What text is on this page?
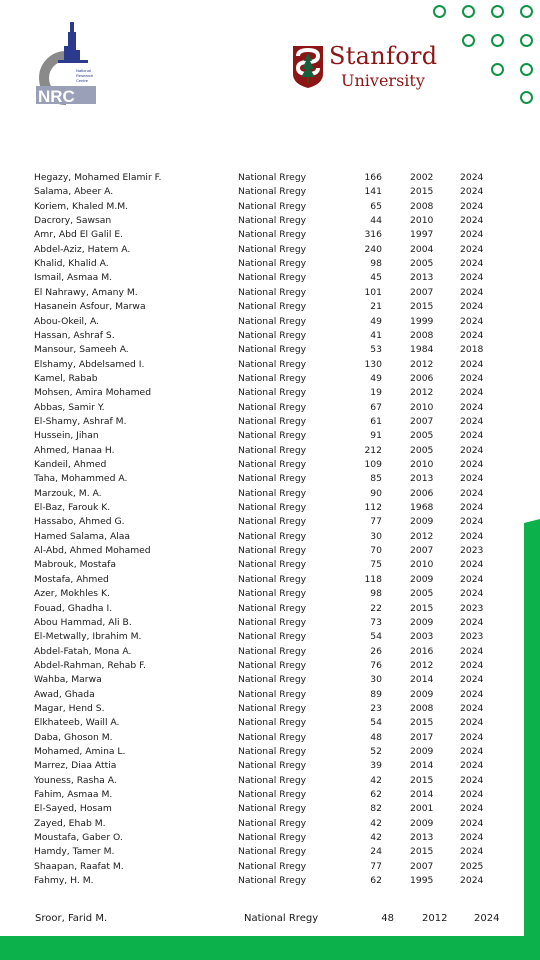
National
Research
Centre
NRC
Stanford
University
Hegazy, Mohamed Elamir F.	National Rregy	166	2002	2024
Salama, Abeer A.	National Rregy	141	2015	2024
Koriem, Khaled M.M.	National Rregy	65	2008	2024
Dacrory, Sawsan	National Rregy	44	2010	2024
Amr, Abd El Galil E.	National Rregy	316	1997	2024
Abdel-Aziz, Hatem A.	National Rregy	240	2004	2024
Khalid, Khalid A.	National Rregy	98	2005	2024
Ismail, Asmaa M.	National Rregy	45	2013	2024
El Nahrawy, Amany M.	National Rregy	101	2007	2024
Hasanein Asfour, Marwa	National Rregy	21	2015	2024
Abou-Okeil, A.	National Rregy	49	1999	2024
Hassan, Ashraf S.	National Rregy	41	2008	2024
Mansour, Sameeh A.	National Rregy	53	1984	2018
Elshamy, Abdelsamed I.	National Rregy	130	2012	2024
Kamel, Rabab	National Rregy	49	2006	2024
Mohsen, Amira Mohamed	National Rregy	19	2012	2024
Abbas, Samir Y.	National Rregy	67	2010	2024
El-Shamy, Ashraf M.	National Rregy	61	2007	2024
Hussein, Jihan	National Rregy	91	2005	2024
Ahmed, Hanaa H.	National Rregy	212	2005	2024
Kandeil, Ahmed	National Rregy	109	2010	2024
Taha, Mohammed A.	National Rregy	85	2013	2024
Marzouk, M. A.	National Rregy	90	2006	2024
El-Baz, Farouk K.	National Rregy	112	1968	2024
Hassabo, Ahmed G.	National Rregy	77	2009	2024
Hamed Salama, Alaa	National Rregy	30	2012	2024
Al-Abd, Ahmed Mohamed	National Rregy	70	2007	2023
Mabrouk, Mostafa	National Rregy	75	2010	2024
Mostafa, Ahmed	National Rregy	118	2009	2024
Azer, Mokhles K.	National Rregy	98	2005	2024
Fouad, Ghadha I.	National Rregy	22	2015	2023
Abou Hammad, Ali B.	National Rregy	73	2009	2024
El-Metwally, Ibrahim M.	National Rregy	54	2003	2023
Abdel-Fatah, Mona A.	National Rregy	26	2016	2024
Abdel-Rahman, Rehab F.	National Rregy	76	2012	2024
Wahba, Marwa	National Rregy	30	2014	2024
Awad, Ghada	National Rregy	89	2009	2024
Magar, Hend S.	National Rregy	23	2008	2024
Elkhateeb, Waill A.	National Rregy	54	2015	2024
Daba, Ghoson M.	National Rregy	48	2017	2024
Mohamed, Amina L.	National Rregy	52	2009	2024
Marrez, Diaa Attia	National Rregy	39	2014	2024
Youness, Rasha A.	National Rregy	42	2015	2024
Fahim, Asmaa M.	National Rregy	62	2014	2024
El-Sayed, Hosam	National Rregy	82	2001	2024
Zayed, Ehab M.	National Rregy	42	2009	2024
Moustafa, Gaber O.	National Rregy	42	2013	2024
Hamdy, Tamer M.	National Rregy	24	2015	2024
Shaapan, Raafat M.	National Rregy	77	2007	2025
Fahmy, H. M.	National Rregy	62	1995	2024
Sroor, Farid M.	National Rregy	48	2012	2024
